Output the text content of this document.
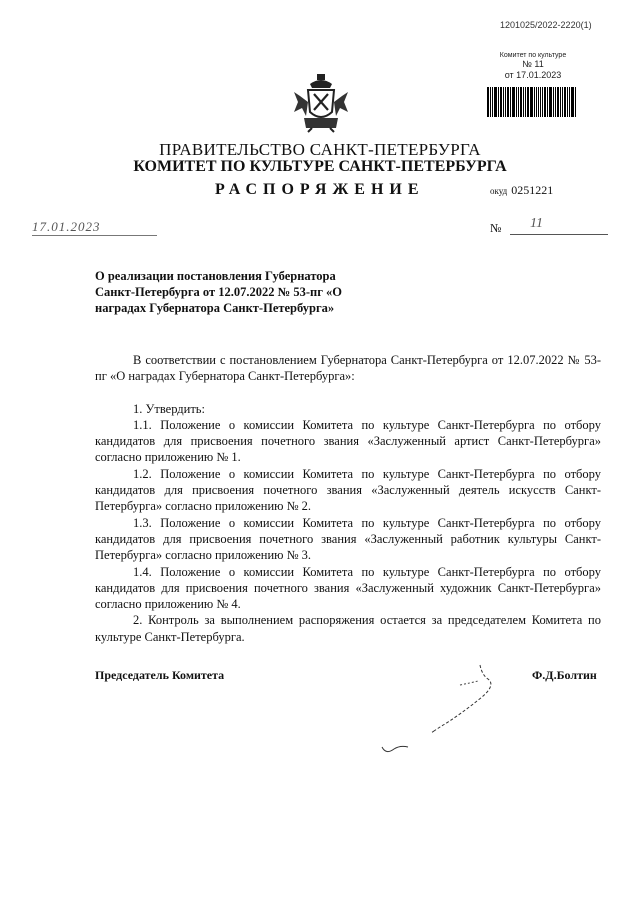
1201025/2022-2220(1)
Комитет по культуре
№ 11
от 17.01.2023
ПРАВИТЕЛЬСТВО САНКТ-ПЕТЕРБУРГА
КОМИТЕТ ПО КУЛЬТУРЕ САНКТ-ПЕТЕРБУРГА
РАСПОРЯЖЕНИЕ	окуд 0251221
17.01.2023	№ 11
О реализации постановления Губернатора Санкт-Петербурга от 12.07.2022 № 53-пг «О наградах Губернатора Санкт-Петербурга»

В соответствии с постановлением Губернатора Санкт-Петербурга от 12.07.2022 № 53-пг «О наградах Губернатора Санкт-Петербурга»:

1. Утвердить:

1.1. Положение о комиссии Комитета по культуре Санкт-Петербурга по отбору кандидатов для присвоения почетного звания «Заслуженный артист Санкт-Петербурга» согласно приложению № 1.

1.2. Положение о комиссии Комитета по культуре Санкт-Петербурга по отбору кандидатов для присвоения почетного звания «Заслуженный деятель искусств Санкт-Петербурга» согласно приложению № 2.

1.3. Положение о комиссии Комитета по культуре Санкт-Петербурга по отбору кандидатов для присвоения почетного звания «Заслуженный работник культуры Санкт-Петербурга» согласно приложению № 3.

1.4. Положение о комиссии Комитета по культуре Санкт-Петербурга по отбору кандидатов для присвоения почетного звания «Заслуженный художник Санкт-Петербурга» согласно приложению № 4.

2. Контроль за выполнением распоряжения остается за председателем Комитета по культуре Санкт-Петербурга.

Председатель Комитета	Ф.Д.Болтин
